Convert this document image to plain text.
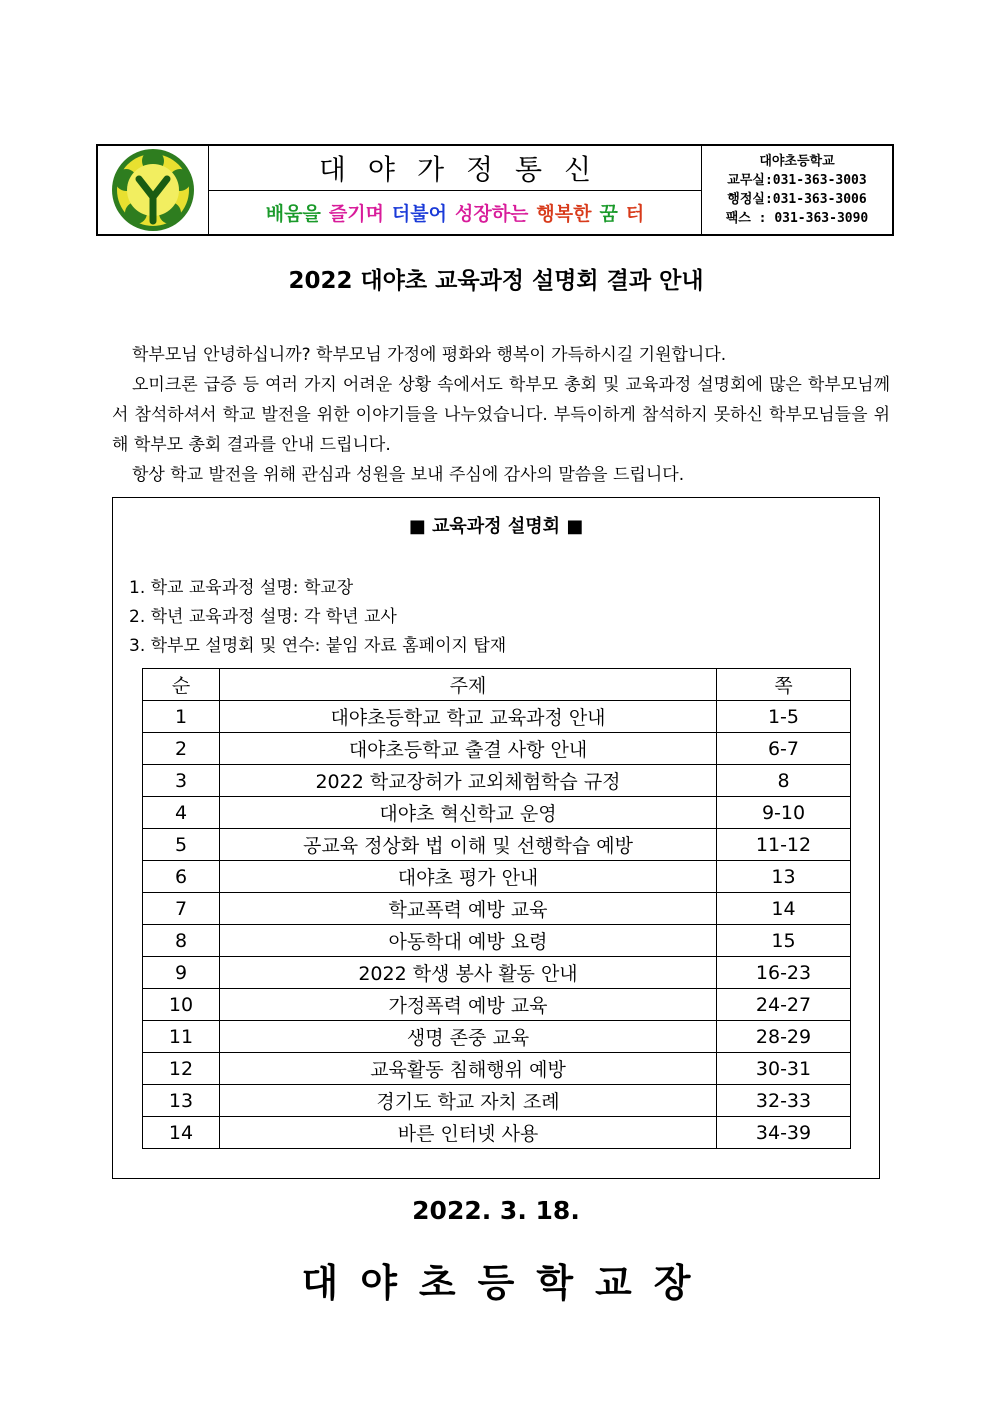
대야가정통신
배움을 즐기며 더불어 성장하는 행복한 꿈 터
대야초등학교
교무실:031-363-3003
행정실:031-363-3006
팩스 : 031-363-3090
2022 대야초 교육과정 설명회 결과 안내

학부모님 안녕하십니까? 학부모님 가정에 평화와 행복이 가득하시길 기원합니다.

오미크론 급증 등 여러 가지 어려운 상황 속에서도 학부모 총회 및 교육과정 설명회에 많은 학부모님께서 참석하셔서 학교 발전을 위한 이야기들을 나누었습니다. 부득이하게 참석하지 못하신 학부모님들을 위해 학부모 총회 결과를 안내 드립니다.

항상 학교 발전을 위해 관심과 성원을 보내 주심에 감사의 말씀을 드립니다.

■ 교육과정 설명회 ■
1. 학교 교육과정 설명: 학교장
2. 학년 교육과정 설명: 각 학년 교사
3. 학부모 설명회 및 연수: 붙임 자료 홈페이지 탑재
순	주제	쪽
1	대야초등학교 학교 교육과정 안내	1-5
2	대야초등학교 출결 사항 안내	6-7
3	2022 학교장허가 교외체험학습 규정	8
4	대야초 혁신학교 운영	9-10
5	공교육 정상화 법 이해 및 선행학습 예방	11-12
6	대야초 평가 안내	13
7	학교폭력 예방 교육	14
8	아동학대 예방 요령	15
9	2022 학생 봉사 활동 안내	16-23
10	가정폭력 예방 교육	24-27
11	생명 존중 교육	28-29
12	교육활동 침해행위 예방	30-31
13	경기도 학교 자치 조례	32-33
14	바른 인터넷 사용	34-39
2022. 3. 18.
대야초등학교장
